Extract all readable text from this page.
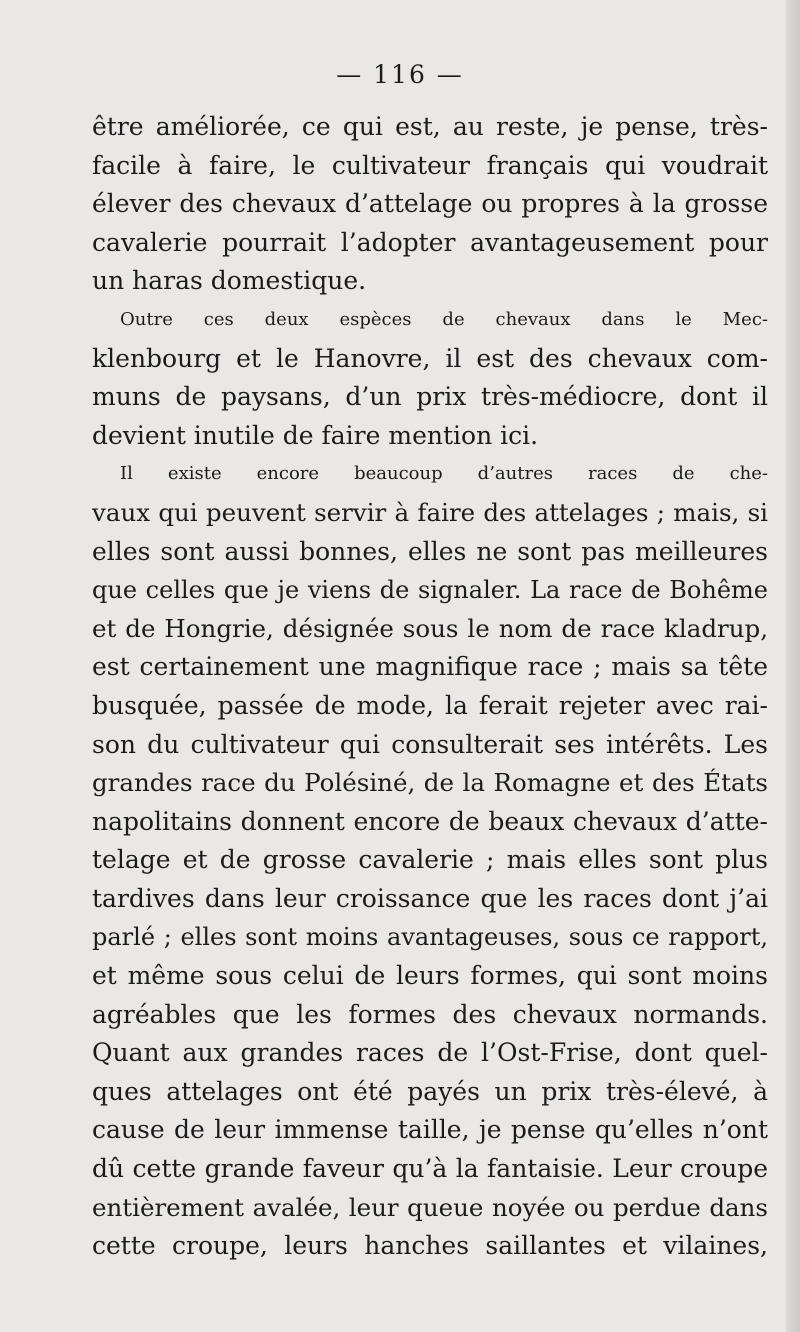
— 116 —
être améliorée, ce qui est, au reste, je pense, très-
facile à faire, le cultivateur français qui voudrait
élever des chevaux d’attelage ou propres à la grosse
cavalerie pourrait l’adopter avantageusement pour
un haras domestique.
Outre ces deux espèces de chevaux dans le Mec-
klenbourg et le Hanovre, il est des chevaux com-
muns de paysans, d’un prix très-médiocre, dont il
devient inutile de faire mention ici.
Il existe encore beaucoup d’autres races de che-
vaux qui peuvent servir à faire des attelages ; mais, si
elles sont aussi bonnes, elles ne sont pas meilleures
que celles que je viens de signaler. La race de Bohême
et de Hongrie, désignée sous le nom de race kladrup,
est certainement une magnifique race ; mais sa tête
busquée, passée de mode, la ferait rejeter avec rai-
son du cultivateur qui consulterait ses intérêts. Les
grandes race du Polésiné, de la Romagne et des États
napolitains donnent encore de beaux chevaux d’atte-
telage et de grosse cavalerie ; mais elles sont plus
tardives dans leur croissance que les races dont j’ai
parlé ; elles sont moins avantageuses, sous ce rapport,
et même sous celui de leurs formes, qui sont moins
agréables que les formes des chevaux normands.
Quant aux grandes races de l’Ost-Frise, dont quel-
ques attelages ont été payés un prix très-élevé, à
cause de leur immense taille, je pense qu’elles n’ont
dû cette grande faveur qu’à la fantaisie. Leur croupe
entièrement avalée, leur queue noyée ou perdue dans
cette croupe, leurs hanches saillantes et vilaines,
